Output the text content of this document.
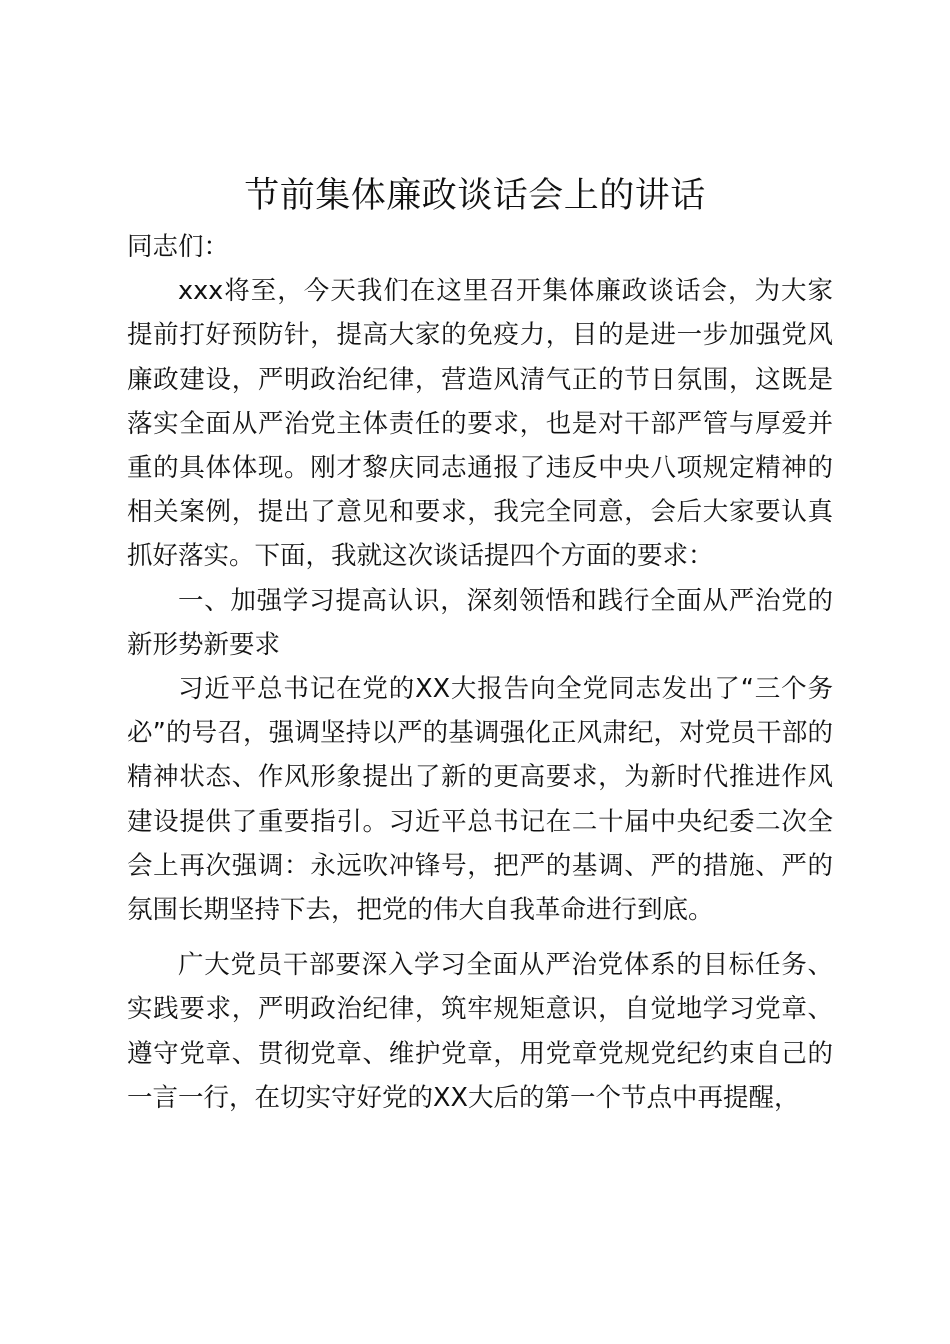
节前集体廉政谈话会上的讲话

同志们：

xxx将至，今天我们在这里召开集体廉政谈话会，为大家提前打好预防针，提高大家的免疫力，目的是进一步加强党风廉政建设，严明政治纪律，营造风清气正的节日氛围，这既是落实全面从严治党主体责任的要求，也是对干部严管与厚爱并重的具体体现。刚才黎庆同志通报了违反中央八项规定精神的相关案例，提出了意见和要求，我完全同意，会后大家要认真抓好落实。下面，我就这次谈话提四个方面的要求：

一、加强学习提高认识，深刻领悟和践行全面从严治党的新形势新要求

习近平总书记在党的XX大报告向全党同志发出了“三个务必”的号召，强调坚持以严的基调强化正风肃纪，对党员干部的精神状态、作风形象提出了新的更高要求，为新时代推进作风建设提供了重要指引。习近平总书记在二十届中央纪委二次全会上再次强调：永远吹冲锋号，把严的基调、严的措施、严的氛围长期坚持下去，把党的伟大自我革命进行到底。

广大党员干部要深入学习全面从严治党体系的目标任务、实践要求，严明政治纪律，筑牢规矩意识，自觉地学习党章、遵守党章、贯彻党章、维护党章，用党章党规党纪约束自己的一言一行，在切实守好党的XX大后的第一个节点中再提醒，
